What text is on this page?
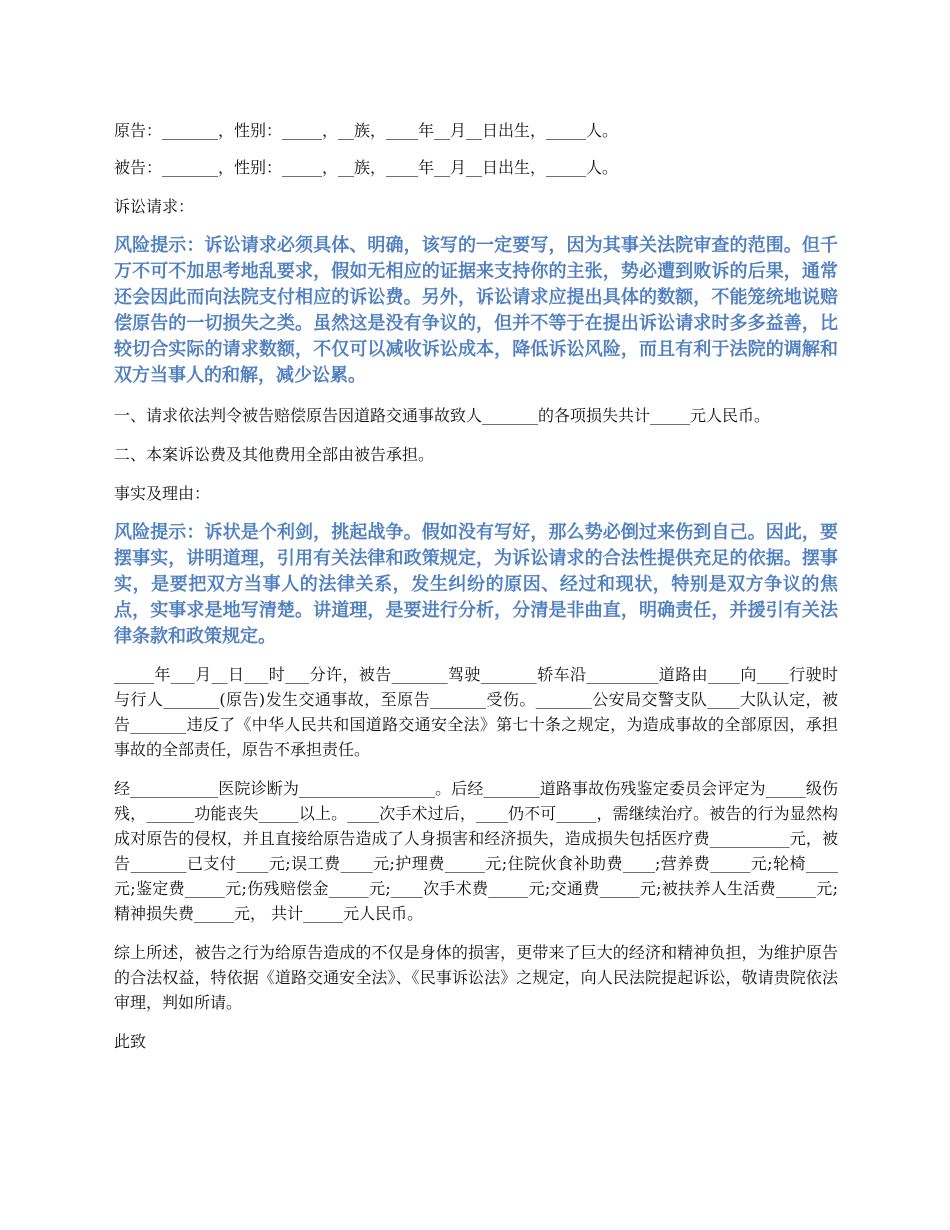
原告：_______，性别：_____，__族，____年__月__日出生，_____人。

被告：_______，性别：_____，__族，____年__月__日出生，_____人。

诉讼请求：

风险提示：诉讼请求必须具体、明确，该写的一定要写，因为其事关法院审查的范围。但千万不可不加思考地乱要求，假如无相应的证据来支持你的主张，势必遭到败诉的后果，通常还会因此而向法院支付相应的诉讼费。另外，诉讼请求应提出具体的数额，不能笼统地说赔偿原告的一切损失之类。虽然这是没有争议的，但并不等于在提出诉讼请求时多多益善，比较切合实际的请求数额，不仅可以减收诉讼成本，降低诉讼风险，而且有利于法院的调解和双方当事人的和解，减少讼累。

一、请求依法判令被告赔偿原告因道路交通事故致人_______的各项损失共计_____元人民币。

二、本案诉讼费及其他费用全部由被告承担。

事实及理由：

风险提示：诉状是个利剑，挑起战争。假如没有写好，那么势必倒过来伤到自己。因此，要摆事实，讲明道理，引用有关法律和政策规定，为诉讼请求的合法性提供充足的依据。摆事实，是要把双方当事人的法律关系，发生纠纷的原因、经过和现状，特别是双方争议的焦点，实事求是地写清楚。讲道理，是要进行分析，分清是非曲直，明确责任，并援引有关法律条款和政策规定。

_____年___月__日___时___分许，被告_______驾驶_______轿车沿_________道路由____向____行驶时与行人_______(原告)发生交通事故，至原告_______受伤。_______公安局交警支队____大队认定，被告_______违反了《中华人民共和国道路交通安全法》第七十条之规定，为造成事故的全部原因，承担事故的全部责任，原告不承担责任。

经___________医院诊断为_________________。后经_______道路事故伤残鉴定委员会评定为_____级伤残，______功能丧失_____以上。____次手术过后，____仍不可_____，需继续治疗。被告的行为显然构成对原告的侵权，并且直接给原告造成了人身损害和经济损失，造成损失包括医疗费__________元，被告_______已支付____元;误工费____元;护理费_____元;住院伙食补助费____;营养费_____元;轮椅____元;鉴定费_____元;伤残赔偿金_____元;____次手术费_____元;交通费_____元;被扶养人生活费_____元;精神损失费_____元， 共计_____元人民币。

综上所述，被告之行为给原告造成的不仅是身体的损害，更带来了巨大的经济和精神负担，为维护原告的合法权益，特依据《道路交通安全法》、《民事诉讼法》之规定，向人民法院提起诉讼，敬请贵院依法审理，判如所请。

此致
